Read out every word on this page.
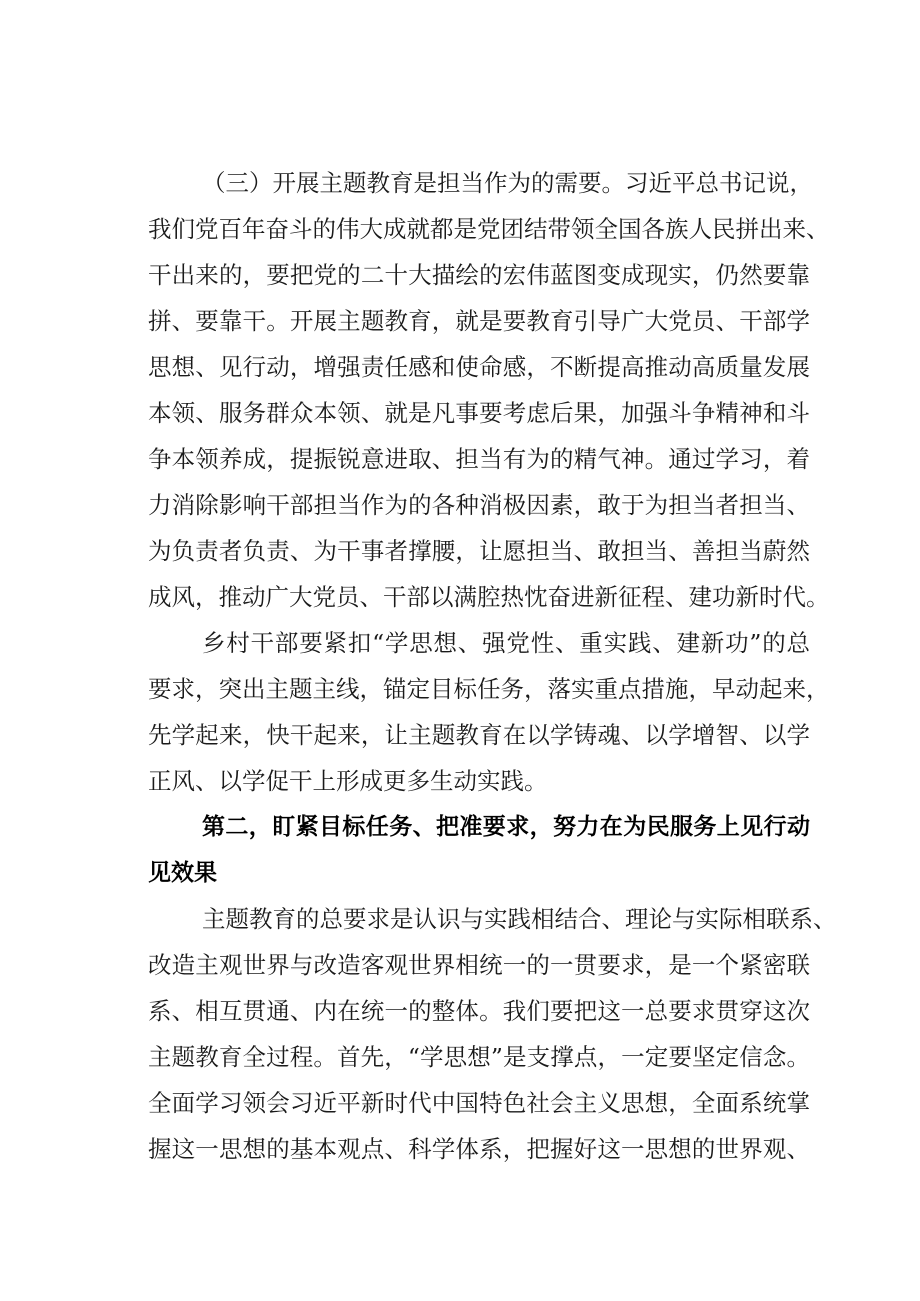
（三）开展主题教育是担当作为的需要。习近平总书记说，
我们党百年奋斗的伟大成就都是党团结带领全国各族人民拼出来、
干出来的，要把党的二十大描绘的宏伟蓝图变成现实，仍然要靠
拼、要靠干。开展主题教育，就是要教育引导广大党员、干部学
思想、见行动，增强责任感和使命感，不断提高推动高质量发展
本领、服务群众本领、就是凡事要考虑后果，加强斗争精神和斗
争本领养成，提振锐意进取、担当有为的精气神。通过学习，着
力消除影响干部担当作为的各种消极因素，敢于为担当者担当、
为负责者负责、为干事者撑腰，让愿担当、敢担当、善担当蔚然
成风，推动广大党员、干部以满腔热忱奋进新征程、建功新时代。
乡村干部要紧扣“学思想、强党性、重实践、建新功”的总
要求，突出主题主线，锚定目标任务，落实重点措施，早动起来，
先学起来，快干起来，让主题教育在以学铸魂、以学增智、以学
正风、以学促干上形成更多生动实践。
第二，盯紧目标任务、把准要求，努力在为民服务上见行动
见效果
主题教育的总要求是认识与实践相结合、理论与实际相联系、
改造主观世界与改造客观世界相统一的一贯要求，是一个紧密联
系、相互贯通、内在统一的整体。我们要把这一总要求贯穿这次
主题教育全过程。首先，“学思想”是支撑点，一定要坚定信念。
全面学习领会习近平新时代中国特色社会主义思想，全面系统掌
握这一思想的基本观点、科学体系，把握好这一思想的世界观、
